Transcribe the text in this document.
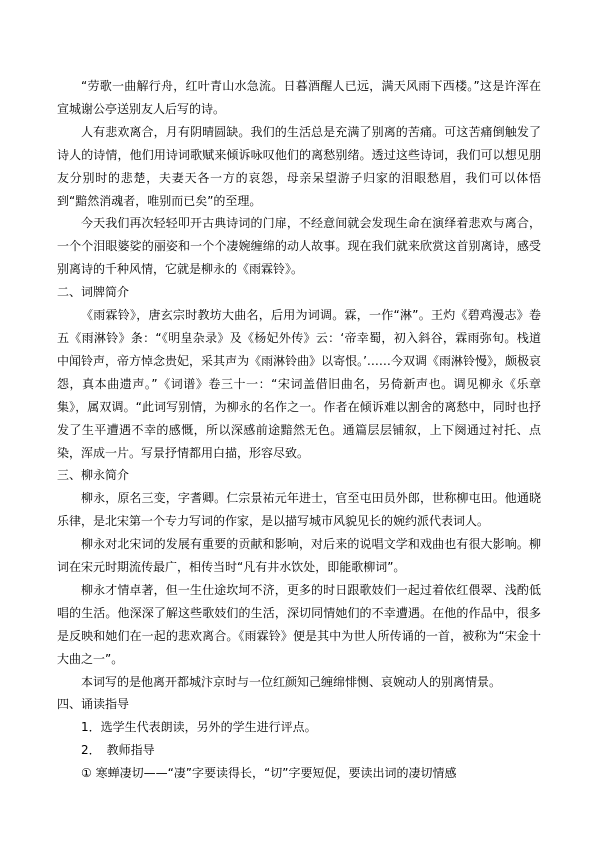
“劳歌一曲解行舟，红叶青山水急流。日暮酒醒人已远，满天风雨下西楼。”这是许浑在宣城谢公亭送别友人后写的诗。

人有悲欢离合，月有阴晴圆缺。我们的生活总是充满了别离的苦痛。可这苦痛倒触发了诗人的诗情，他们用诗词歌赋来倾诉咏叹他们的离愁别绪。透过这些诗词，我们可以想见朋友分别时的悲楚，夫妻天各一方的哀怨，母亲呆望游子归家的泪眼愁眉，我们可以体悟到“黯然消魂者，唯别而已矣”的至理。

今天我们再次轻轻叩开古典诗词的门扉，不经意间就会发现生命在演绎着悲欢与离合，一个个泪眼婆娑的丽姿和一个个凄婉缠绵的动人故事。现在我们就来欣赏这首别离诗，感受别离诗的千种风情，它就是柳永的《雨霖铃》。

二、词牌简介

《雨霖铃》，唐玄宗时教坊大曲名，后用为词调。霖，一作“淋”。王灼《碧鸡漫志》卷五《雨淋铃》条：“《明皇杂录》及《杨妃外传》云：‘帝幸蜀，初入斜谷，霖雨弥旬。栈道中闻铃声，帝方悼念贵妃，采其声为《雨淋铃曲》以寄恨。’……今双调《雨淋铃慢》，颇极哀怨，真本曲遗声。”《词谱》卷三十一：“宋词盖借旧曲名，另倚新声也。调见柳永《乐章集》，属双调。“此词写别情，为柳永的名作之一。作者在倾诉难以割舍的离愁中，同时也抒发了生平遭遇不幸的感慨，所以深感前途黯然无色。通篇层层铺叙，上下阕通过衬托、点染，浑成一片。写景抒情都用白描，形容尽致。

三、柳永简介

柳永，原名三变，字耆卿。仁宗景祐元年进士，官至屯田员外郎，世称柳屯田。他通晓乐律，是北宋第一个专力写词的作家，是以描写城市风貌见长的婉约派代表词人。

柳永对北宋词的发展有重要的贡献和影响，对后来的说唱文学和戏曲也有很大影响。柳词在宋元时期流传最广，相传当时“凡有井水饮处，即能歌柳词”。

柳永才情卓著，但一生仕途坎坷不济，更多的时日跟歌妓们一起过着依红偎翠、浅酌低唱的生活。他深深了解这些歌妓们的生活，深切同情她们的不幸遭遇。在他的作品中，很多是反映和她们在一起的悲欢离合。《雨霖铃》便是其中为世人所传诵的一首，被称为“宋金十大曲之一”。

本词写的是他离开都城汴京时与一位红颜知己缠绵悱恻、哀婉动人的别离情景。

四、诵读指导

1．选学生代表朗读，另外的学生进行评点。

2．　教师指导

① 寒蝉凄切——“凄”字要读得长，“切”字要短促，要读出词的凄切情感
